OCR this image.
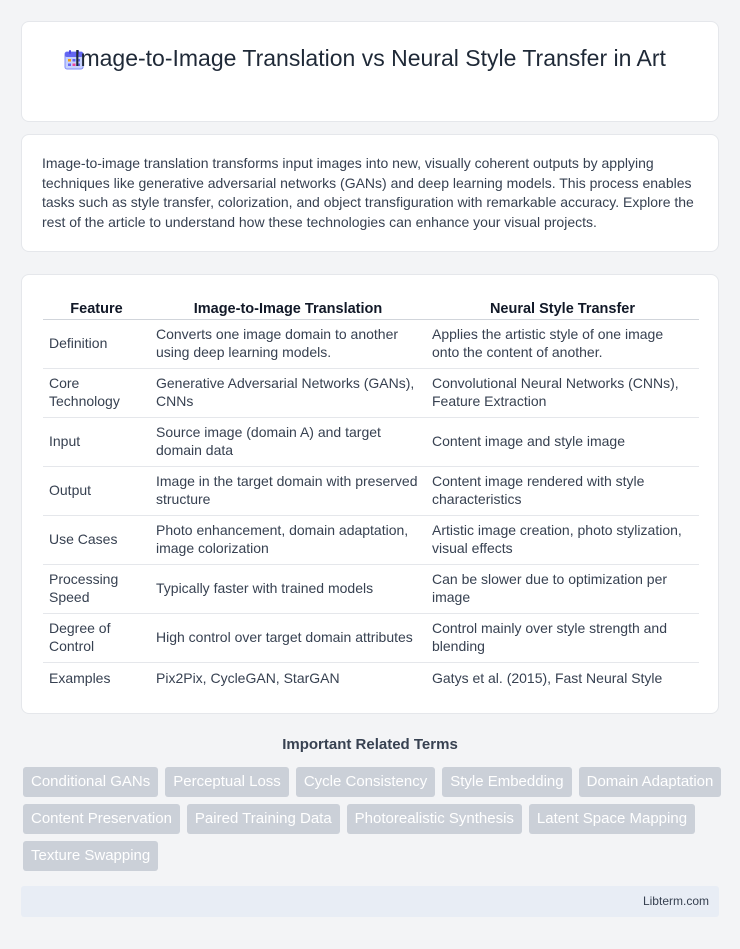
Image-to-Image Translation vs Neural Style Transfer in Art

Image-to-image translation transforms input images into new, visually coherent outputs by applying techniques like generative adversarial networks (GANs) and deep learning models. This process enables tasks such as style transfer, colorization, and object transfiguration with remarkable accuracy. Explore the rest of the article to understand how these technologies can enhance your visual projects.

Feature	Image-to-Image Translation	Neural Style Transfer
Definition	Converts one image domain to another using deep learning models.	Applies the artistic style of one image onto the content of another.
Core Technology	Generative Adversarial Networks (GANs), CNNs	Convolutional Neural Networks (CNNs), Feature Extraction
Input	Source image (domain A) and target domain data	Content image and style image
Output	Image in the target domain with preserved structure	Content image rendered with style characteristics
Use Cases	Photo enhancement, domain adaptation, image colorization	Artistic image creation, photo stylization, visual effects
Processing Speed	Typically faster with trained models	Can be slower due to optimization per image
Degree of Control	High control over target domain attributes	Control mainly over style strength and blending
Examples	Pix2Pix, CycleGAN, StarGAN	Gatys et al. (2015), Fast Neural Style
Important Related Terms
Conditional GANs	Perceptual Loss	Cycle Consistency	Style Embedding	Domain Adaptation
Content Preservation	Paired Training Data	Photorealistic Synthesis	Latent Space Mapping
Texture Swapping
Libterm.com
